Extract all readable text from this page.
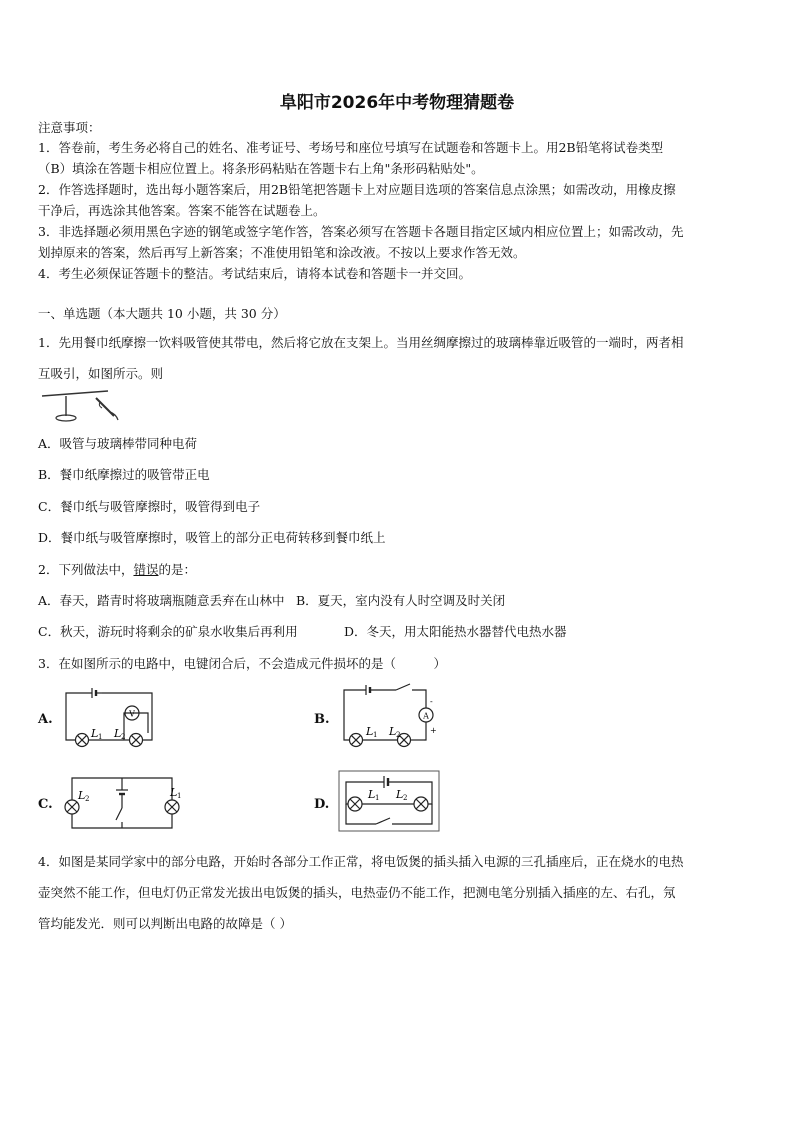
阜阳市2026年中考物理猜题卷
注意事项：
1．答卷前，考生务必将自己的姓名、准考证号、考场号和座位号填写在试题卷和答题卡上。用2B铅笔将试卷类型
（B）填涂在答题卡相应位置上。将条形码粘贴在答题卡右上角"条形码粘贴处"。
2．作答选择题时，选出每小题答案后，用2B铅笔把答题卡上对应题目选项的答案信息点涂黑；如需改动，用橡皮擦
干净后，再选涂其他答案。答案不能答在试题卷上。
3．非选择题必须用黑色字迹的钢笔或签字笔作答，答案必须写在答题卡各题目指定区域内相应位置上；如需改动，先
划掉原来的答案，然后再写上新答案；不准使用铅笔和涂改液。不按以上要求作答无效。
4．考生必须保证答题卡的整洁。考试结束后，请将本试卷和答题卡一并交回。
一、单选题（本大题共 10 小题，共 30 分）
1．先用餐巾纸摩擦一饮料吸管使其带电，然后将它放在支架上。当用丝绸摩擦过的玻璃棒靠近吸管的一端时，两者相
互吸引，如图所示。则
A．吸管与玻璃棒带同种电荷
B．餐巾纸摩擦过的吸管带正电
C．餐巾纸与吸管摩擦时，吸管得到电子
D．餐巾纸与吸管摩擦时，吸管上的部分正电荷转移到餐巾纸上
2．下列做法中，错误的是：
A．春天，踏青时将玻璃瓶随意丢弃在山林中 B．夏天，室内没有人时空调及时关闭
C．秋天，游玩时将剩余的矿泉水收集后再利用	D．冬天，用太阳能热水器替代电热水器
3．在如图所示的电路中，电键闭合后，不会造成元件损坏的是（　　　）
A.	B.
C.	D.
V
L 1 L 2
A
-
+
L 1 L 2
L 2	L 1	L 1 L 2
4．如图是某同学家中的部分电路，开始时各部分工作正常，将电饭煲的插头插入电源的三孔插座后，正在烧水的电热
壶突然不能工作，但电灯仍正常发光拔出电饭煲的插头，电热壶仍不能工作，把测电笔分别插入插座的左、右孔，氖
管均能发光．则可以判断出电路的故障是（ ）
